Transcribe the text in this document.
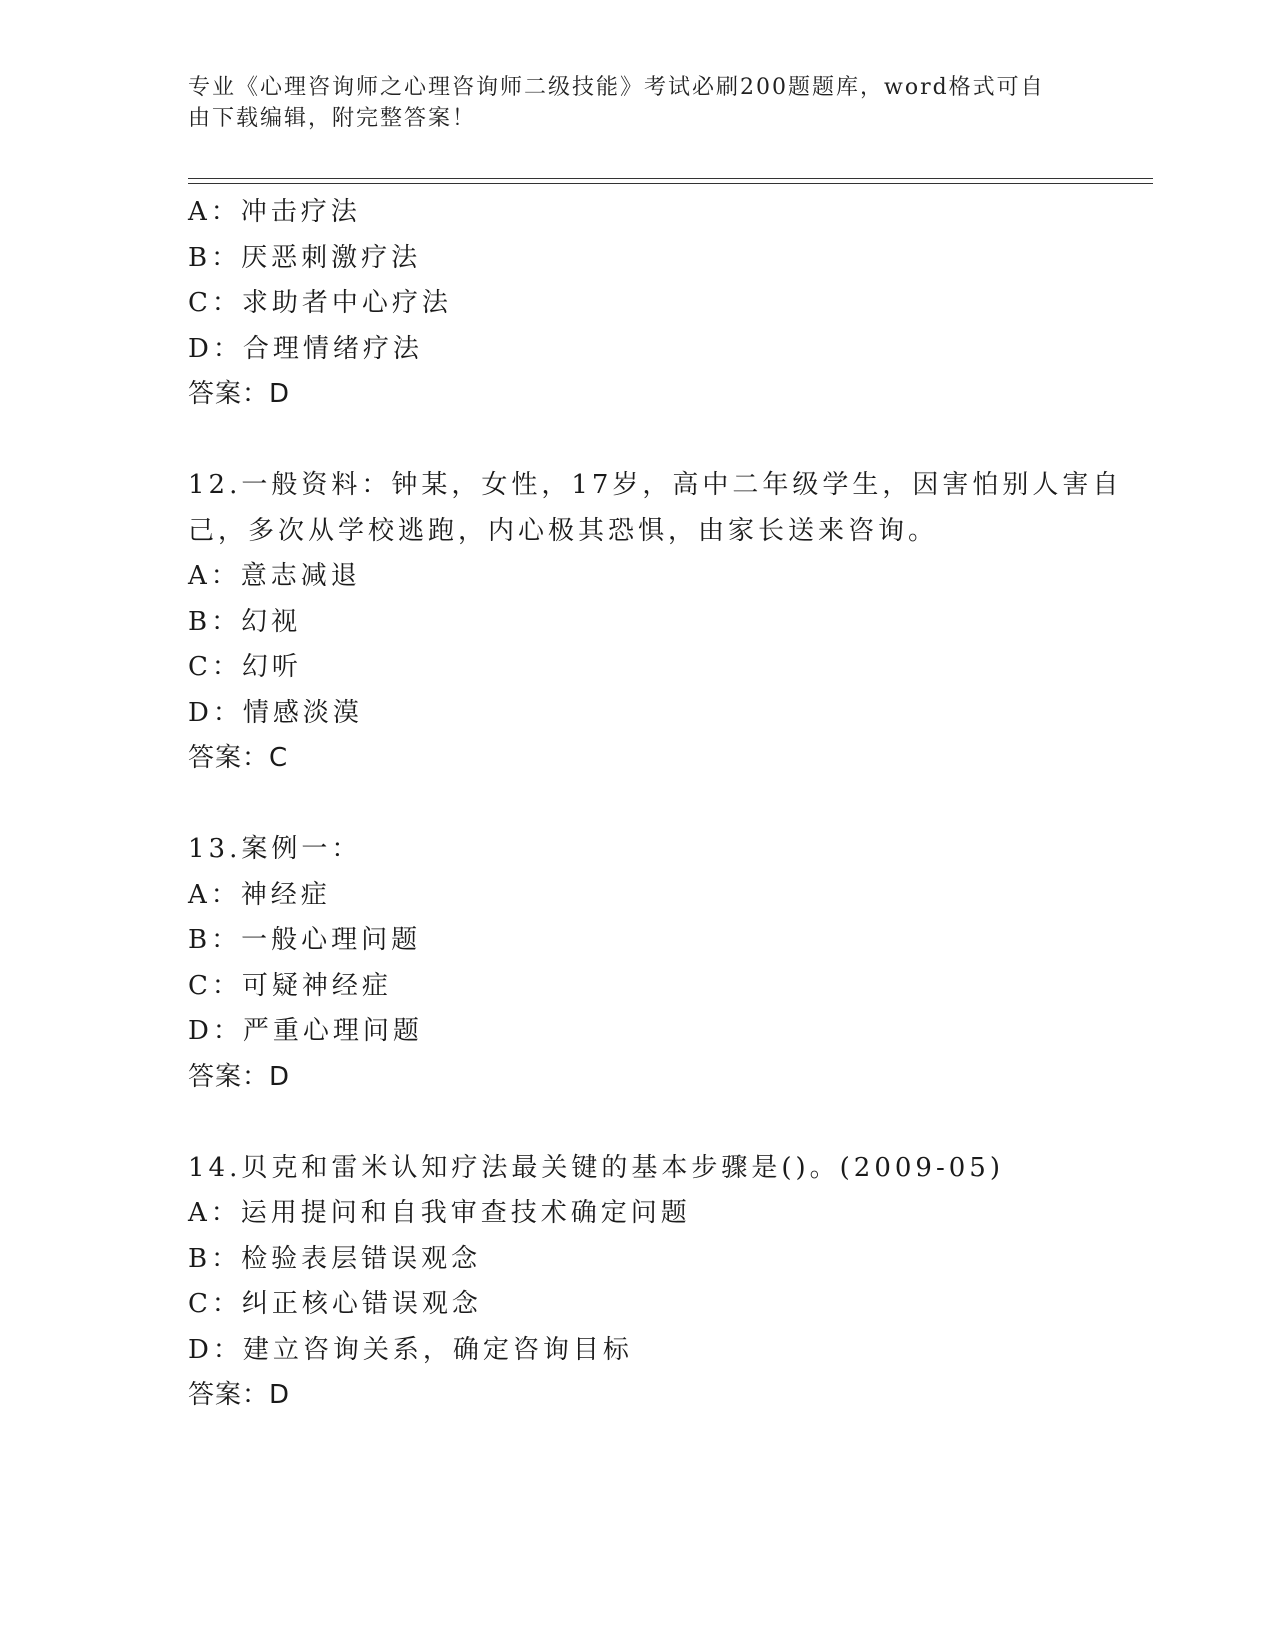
专业《心理咨询师之心理咨询师二级技能》考试必刷200题题库，word格式可自
由下载编辑，附完整答案！
A：冲击疗法
B：厌恶刺激疗法
C：求助者中心疗法
D：合理情绪疗法
答案：D
12.一般资料：钟某，女性，17岁，高中二年级学生，因害怕别人害自
己，多次从学校逃跑，内心极其恐惧，由家长送来咨询。
A：意志减退
B：幻视
C：幻听
D：情感淡漠
答案：C
13.案例一：
A：神经症
B：一般心理问题
C：可疑神经症
D：严重心理问题
答案：D
14.贝克和雷米认知疗法最关键的基本步骤是()。(2009-05)
A：运用提问和自我审查技术确定问题
B：检验表层错误观念
C：纠正核心错误观念
D：建立咨询关系，确定咨询目标
答案：D
